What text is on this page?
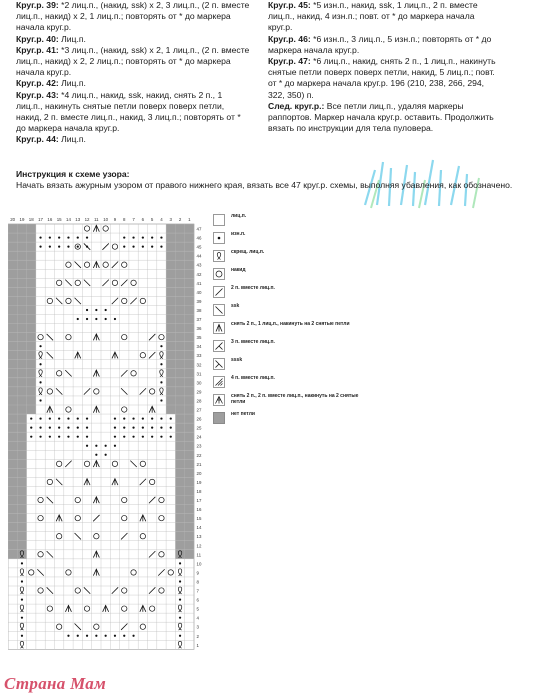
Круг.р. 39: *2 лиц.п., (накид, ssk) х 2, 3 лиц.п., (2 п. вместе лиц.п., накид) х 2, 1 лиц.п.; повторять от * до маркера начала круг.р.

Круг.р. 40: Лиц.п.

Круг.р. 41: *3 лиц.п., (накид, ssk) х 2, 1 лиц.п., (2 п. вместе лиц.п., накид) х 2, 2 лиц.п.; повторять от * до маркера начала круг.р.

Круг.р. 42: Лиц.п.

Круг.р. 43: *4 лиц.п., накид, ssk, накид, снять 2 п., 1 лиц.п., накинуть снятые петли поверх поверх петли, накид, 2 п. вместе лиц.п., накид, 3 лиц.п.; повторять от * до маркера начала круг.р.

Круг.р. 44: Лиц.п.

Круг.р. 45: *5 изн.п., накид, ssk, 1 лиц.п., 2 п. вместе лиц.п., накид, 4 изн.п.; повт. от * до маркера начала круг.р.

Круг.р. 46: *6 изн.п., 3 лиц.п., 5 изн.п.; повторять от * до маркера начала круг.р.

Круг.р. 47: *6 лиц.п., накид, снять 2 п., 1 лиц.п., накинуть снятые петли поверх поверх петли, накид, 5 лиц.п.; повт. от * до маркера начала круг.р. 196 (210, 238, 266, 294, 322, 350) п.

След. круг.р.: Все петли лиц.п., удаляя маркеры раппортов. Маркер начала круг.р. оставить. Продолжить вязать по инструкции для тела пуловера.

Инструкция к схеме узора:
Начать вязать ажурным узором от правого нижнего края, вязать все 47 круг.р. схемы, выполняя убавления, как обозначено.
20 19 18 17 16 15 14 13 12 11 10 9 8 7 6 5 4 3 2 1
47
46
45
44
43
42
41
40
39
38
37
36
35
34
33
32
31
30
29
28
27
26
25
24
23
22
21
20
19
18
17
16
15
14
13
12
11
10
9
8
7
6
5
4
3
2
1
лиц.п.
изн.п.
скрещ. лиц.п.
накид
2 п. вместе лиц.п.
ssk
снять 2 п., 1 лиц.п., накинуть на 2 снятые петли
3 п. вместе лиц.п.
sssk
4 п. вместе лиц.п.
снять 2 п., 2 п. вместе лиц.п., накинуть на 2 снятые петли
нет петли
Страна Мам
